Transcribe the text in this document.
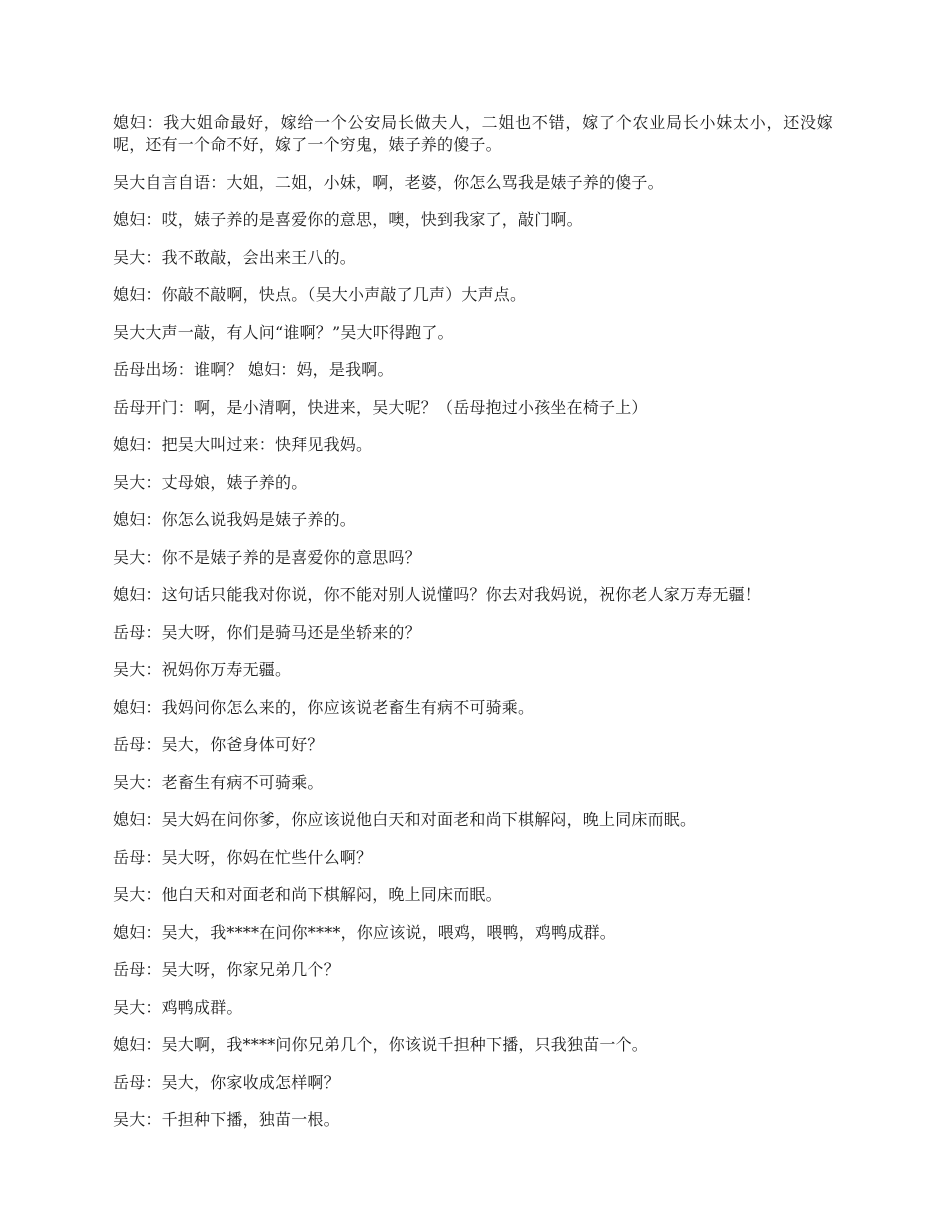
媳妇：我大姐命最好，嫁给一个公安局长做夫人，二姐也不错，嫁了个农业局长小妹太小，还没嫁呢，还有一个命不好，嫁了一个穷鬼，婊子养的傻子。

吴大自言自语：大姐，二姐，小妹，啊，老婆，你怎么骂我是婊子养的傻子。

媳妇：哎，婊子养的是喜爱你的意思，噢，快到我家了，敲门啊。

吴大：我不敢敲，会出来王八的。

媳妇：你敲不敲啊，快点。（吴大小声敲了几声）大声点。

吴大大声一敲，有人问“谁啊？”吴大吓得跑了。

岳母出场：谁啊？ 媳妇：妈，是我啊。

岳母开门：啊，是小清啊，快进来，吴大呢？（岳母抱过小孩坐在椅子上）

媳妇：把吴大叫过来：快拜见我妈。

吴大：丈母娘，婊子养的。

媳妇：你怎么说我妈是婊子养的。

吴大：你不是婊子养的是喜爱你的意思吗？

媳妇：这句话只能我对你说，你不能对别人说懂吗？你去对我妈说，祝你老人家万寿无疆！

岳母：吴大呀，你们是骑马还是坐轿来的？

吴大：祝妈你万寿无疆。

媳妇：我妈问你怎么来的，你应该说老畜生有病不可骑乘。

岳母：吴大，你爸身体可好？

吴大：老畜生有病不可骑乘。

媳妇：吴大妈在问你爹，你应该说他白天和对面老和尚下棋解闷，晚上同床而眠。

岳母：吴大呀，你妈在忙些什么啊？

吴大：他白天和对面老和尚下棋解闷，晚上同床而眠。

媳妇：吴大，我****在问你****，你应该说，喂鸡，喂鸭，鸡鸭成群。

岳母：吴大呀，你家兄弟几个？

吴大：鸡鸭成群。

媳妇：吴大啊，我****问你兄弟几个，你该说千担种下播，只我独苗一个。

岳母：吴大，你家收成怎样啊？

吴大：千担种下播，独苗一根。
